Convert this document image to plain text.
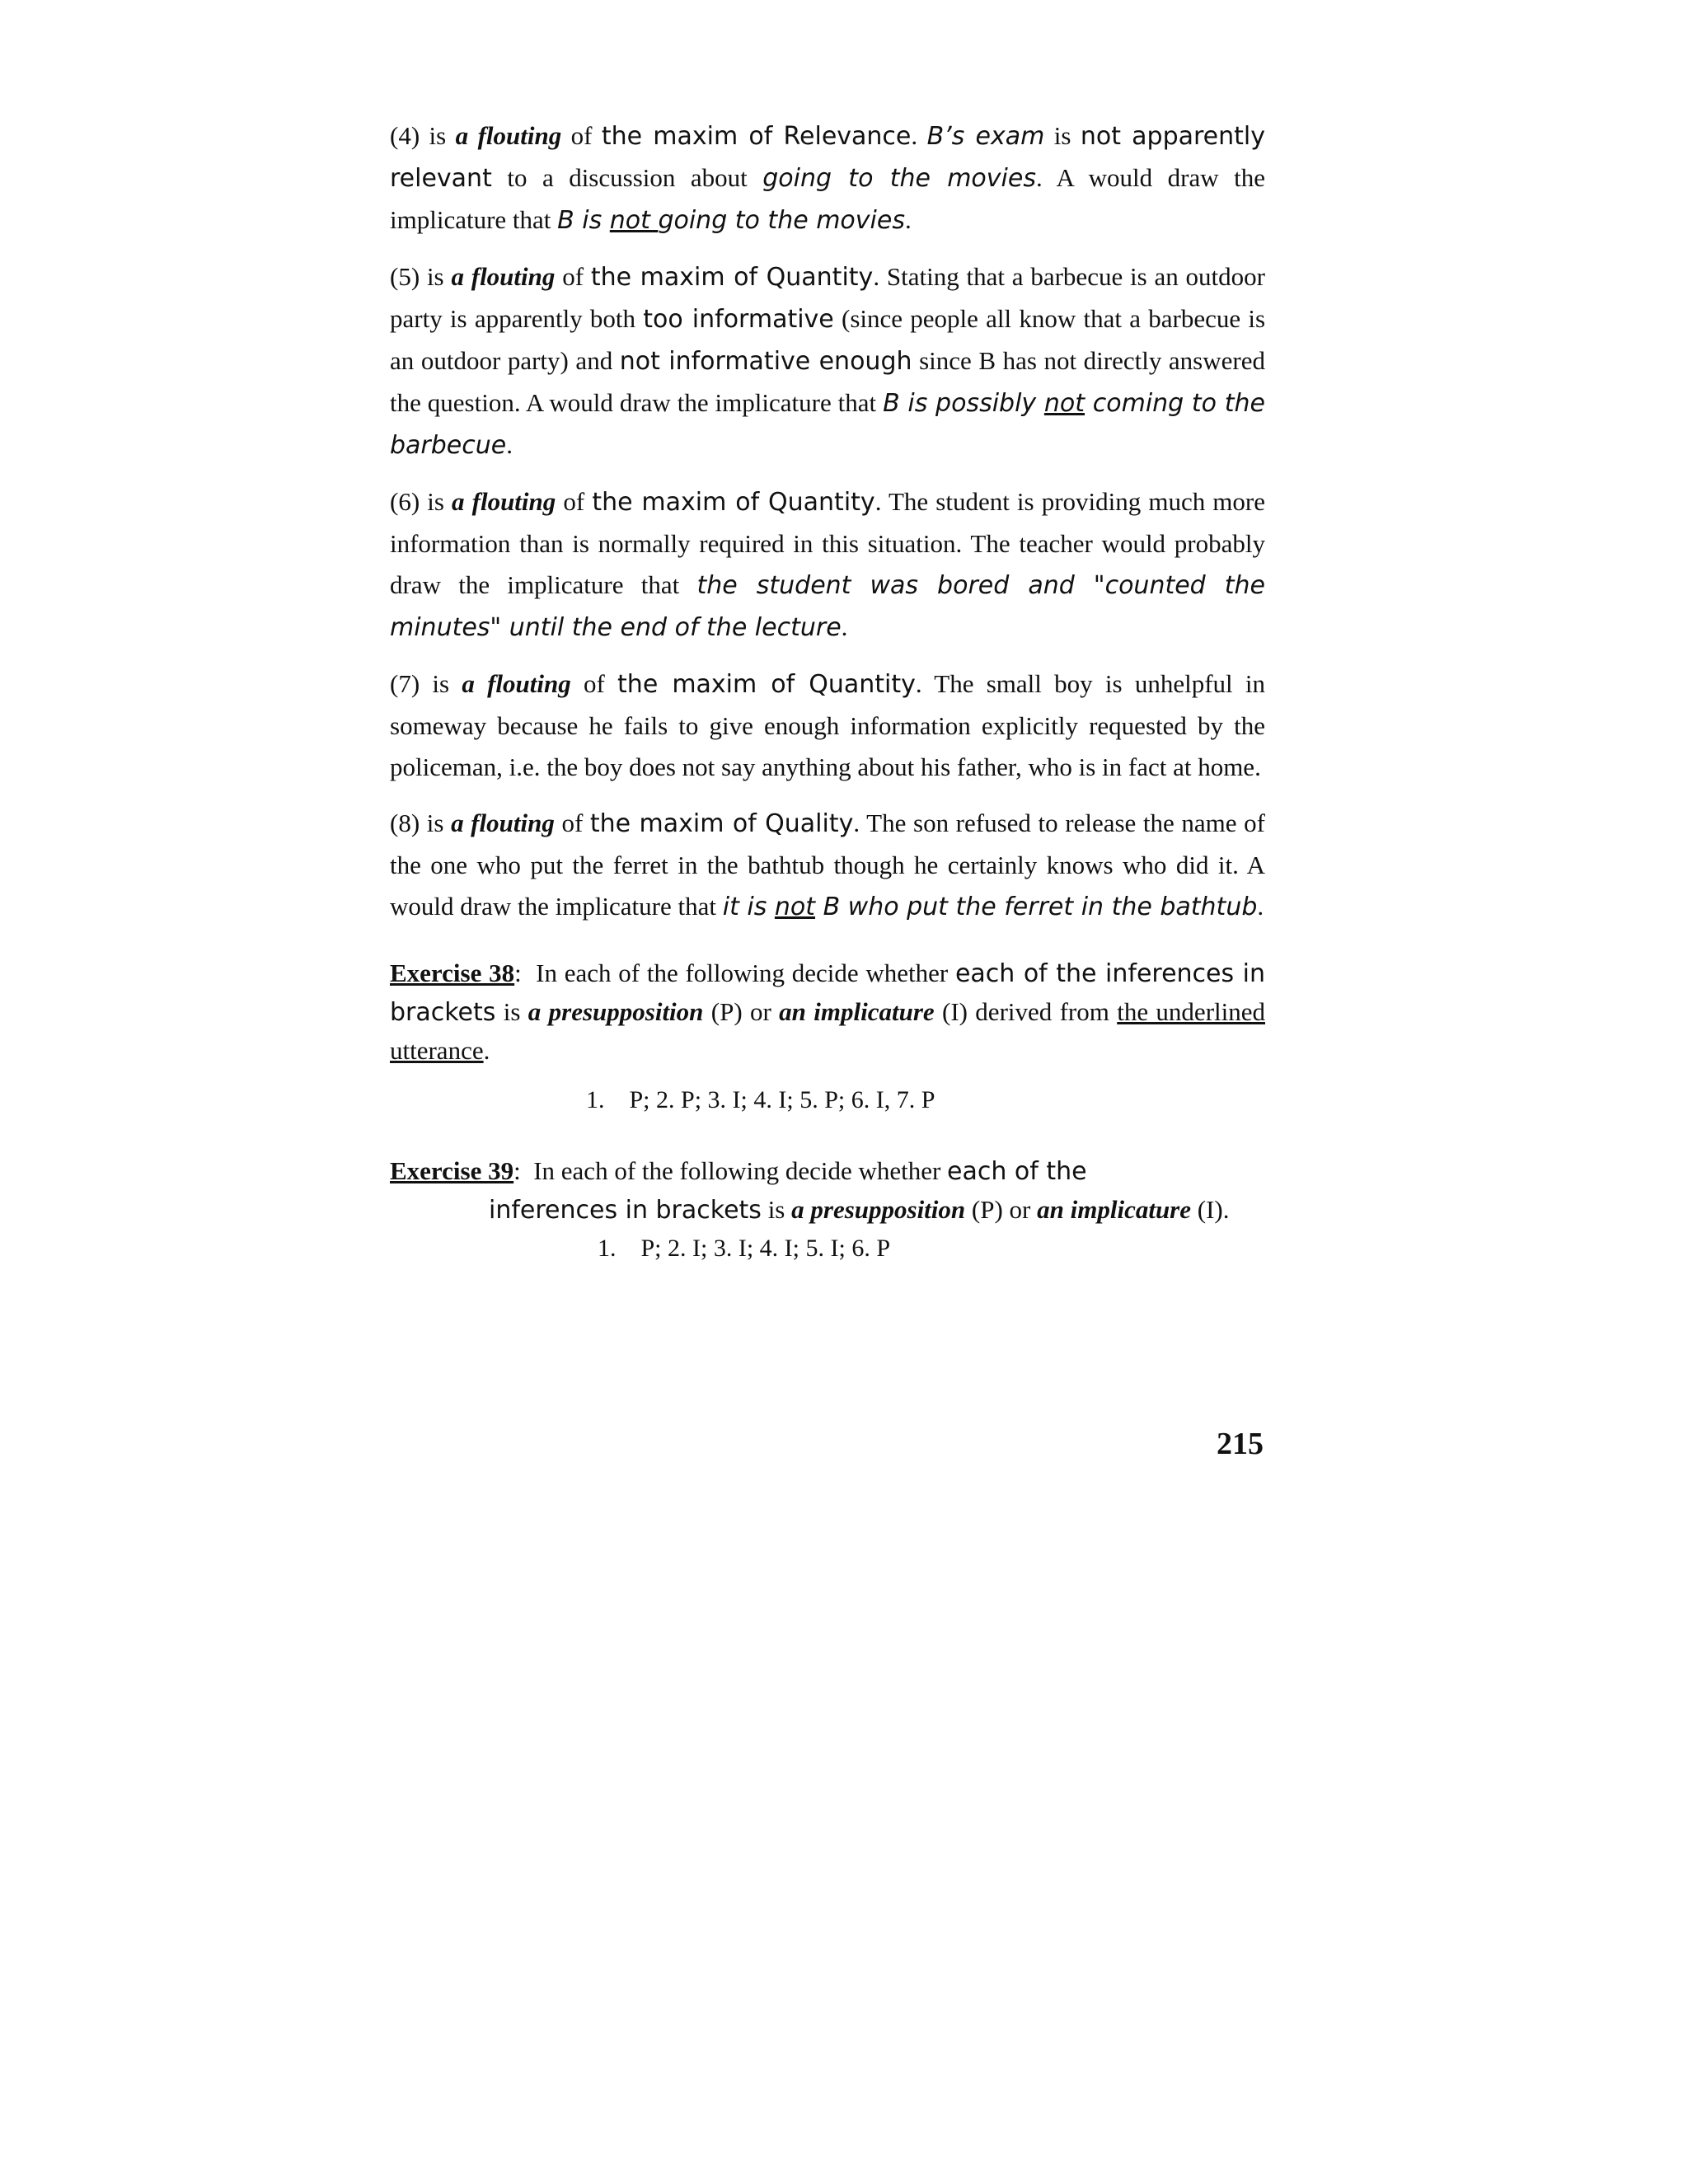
(4) is a flouting of the maxim of Relevance. B’s exam is not apparently relevant to a discussion about going to the movies. A would draw the implicature that B is not going to the movies.

(5) is a flouting of the maxim of Quantity. Stating that a barbecue is an outdoor party is apparently both too informative (since people all know that a barbecue is an outdoor party) and not informative enough since B has not directly answered the question. A would draw the implicature that B is possibly not coming to the barbecue.

(6) is a flouting of the maxim of Quantity. The student is providing much more information than is normally required in this situation. The teacher would probably draw the implicature that the student was bored and "counted the minutes" until the end of the lecture.

(7) is a flouting of the maxim of Quantity. The small boy is unhelpful in someway because he fails to give enough information explicitly requested by the policeman, i.e. the boy does not say anything about his father, who is in fact at home.

(8) is a flouting of the maxim of Quality. The son refused to release the name of the one who put the ferret in the bathtub though he certainly knows who did it. A would draw the implicature that it is not B who put the ferret in the bathtub.

Exercise 38:  In each of the following decide whether each of the inferences in brackets is a presupposition (P) or an implicature (I) derived from the underlined utterance.
1.    P; 2. P; 3. I; 4. I; 5. P; 6. I, 7. P
Exercise 39:  In each of the following decide whether each of the
inferences in brackets is a presupposition (P) or an implicature (I).
1.    P; 2. I; 3. I; 4. I; 5. I; 6. P
215
